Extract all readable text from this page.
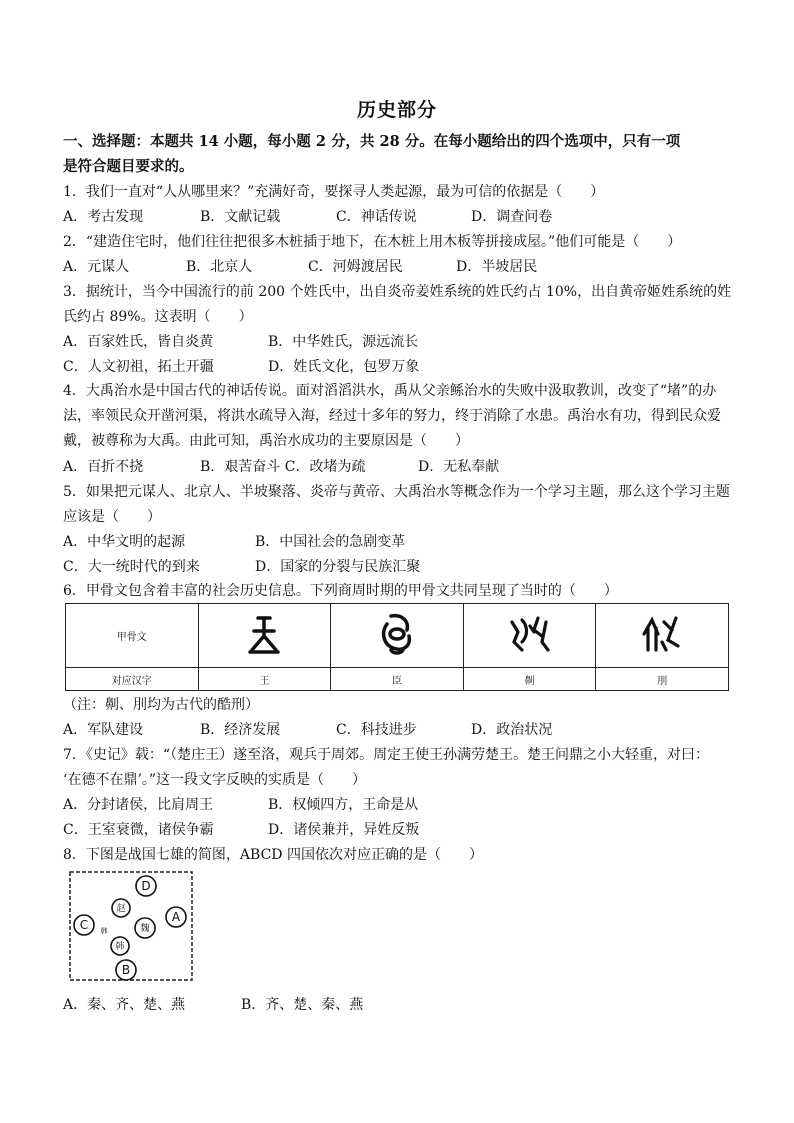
历史部分
一、选择题：本题共 14 小题，每小题 2 分，共 28 分。在每小题给出的四个选项中，只有一项
是符合题目要求的。
1．我们一直对“人从哪里来？”充满好奇，要探寻人类起源，最为可信的依据是（　　）
A．考古发现	B．文献记载	C．神话传说	D．调查问卷
2．“建造住宅时，他们往往把很多木桩插于地下，在木桩上用木板等拼接成屋。”他们可能是（　　）
A．元谋人	B．北京人	C．河姆渡居民	D．半坡居民
3．据统计，当今中国流行的前 200 个姓氏中，出自炎帝姜姓系统的姓氏约占 10%，出自黄帝姬姓系统的姓
氏约占 89%。这表明（　　）
A．百家姓氏，皆自炎黄	B．中华姓氏，源远流长
C．人文初祖，拓土开疆	D．姓氏文化，包罗万象
4．大禹治水是中国古代的神话传说。面对滔滔洪水，禹从父亲鲧治水的失败中汲取教训，改变了“堵”的办
法，率领民众开凿河渠，将洪水疏导入海，经过十多年的努力，终于消除了水患。禹治水有功，得到民众爱
戴，被尊称为大禹。由此可知，禹治水成功的主要原因是（　　）
A．百折不挠	B．艰苦奋斗 C．改堵为疏	D．无私奉献
5．如果把元谋人、北京人、半坡聚落、炎帝与黄帝、大禹治水等概念作为一个学习主题，那么这个学习主题
应该是（　　）
A．中华文明的起源	B．中国社会的急剧变革
C．大一统时代的到来	D．国家的分裂与民族汇聚
6．甲骨文包含着丰富的社会历史信息。下列商周时期的甲骨文共同呈现了当时的（　　）
甲骨文				
对应汉字	王	臣	劓	刖
（注：劓、刖均为古代的酷刑）
A．军队建设	B．经济发展	C．科技进步	D．政治状况
7．《史记》载：“（楚庄王）遂至洛，观兵于周郊。周定王使王孙满劳楚王。楚王问鼎之小大轻重，对曰：
‘在德不在鼎’。”这一段文字反映的实质是（　　）
A．分封诸侯，比肩周王	B．权倾四方，王命是从
C．王室衰微，诸侯争霸	D．诸侯兼并，异姓反叛
8．下图是战国七雄的简图，ABCD 四国依次对应正确的是（　　）
D
A
C
B
赵
魏
韩
韩
A．秦、齐、楚、燕	B．齐、楚、秦、燕
